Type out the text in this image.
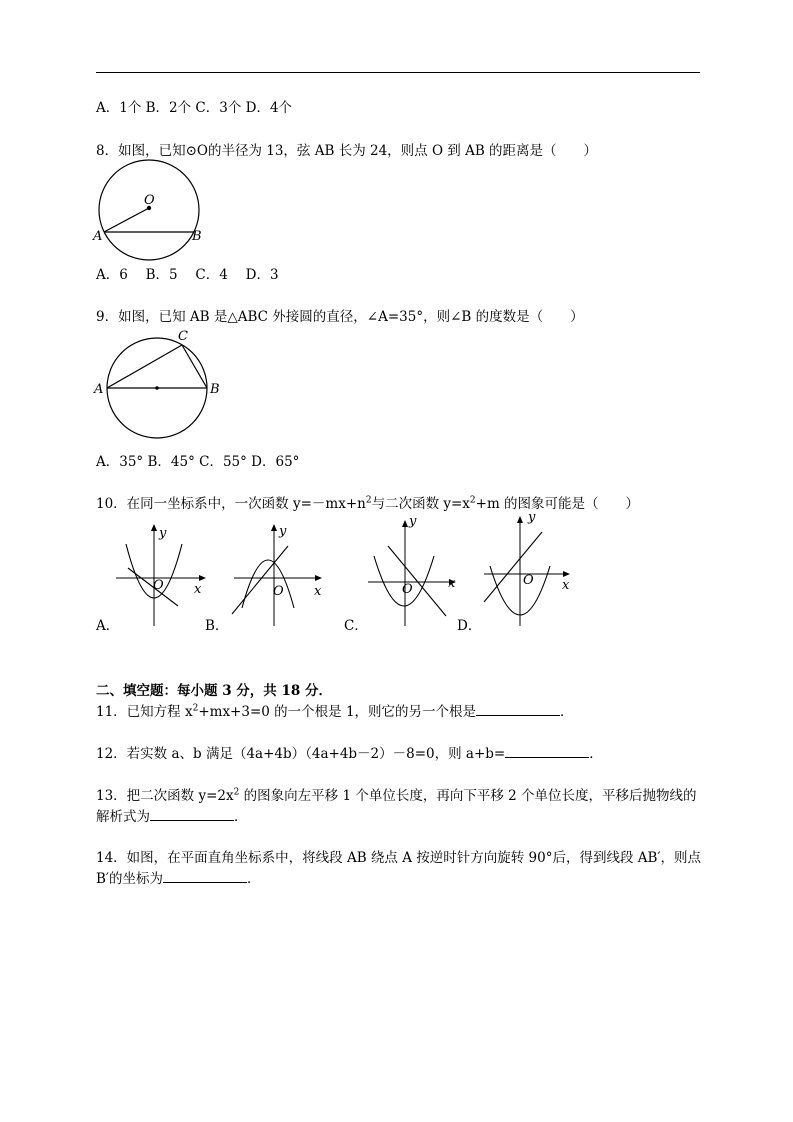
A．1个 B．2个 C．3个 D．4个
8．如图，已知⊙O的半径为 13，弦 AB 长为 24，则点 O 到 AB 的距离是（　　）
O
A	B
A．6　 B．5　 C．4　 D．3
9．如图，已知 AB 是△ABC 外接圆的直径，∠A=35°，则∠B 的度数是（　　）
C
A	B
A．35° B．45° C．55° D．65°
10．在同一坐标系中，一次函数 $y=-mx+n^2$与二次函数 $y=x^2+m$ 的图象可能是（　　）
y
x
O
A．
y
x
O
B．
y
x
O
C．
y
x
O
D．
二、填空题：每小题 3 分，共 18 分．
11．已知方程 $x^2+mx+3=0$ 的一个根是 1，则它的另一个根是	．
12．若实数 a、b 满足（4a+4b）（4a+4b－2）－8=0，则 a+b=	．
13．把二次函数 $y=2x^2$ 的图象向左平移 1 个单位长度，再向下平移 2 个单位长度，平移后抛物线的
解析式为	．
14．如图，在平面直角坐标系中，将线段 AB 绕点 A 按逆时针方向旋转 90°后，得到线段 AB′，则点
B′的坐标为	．
